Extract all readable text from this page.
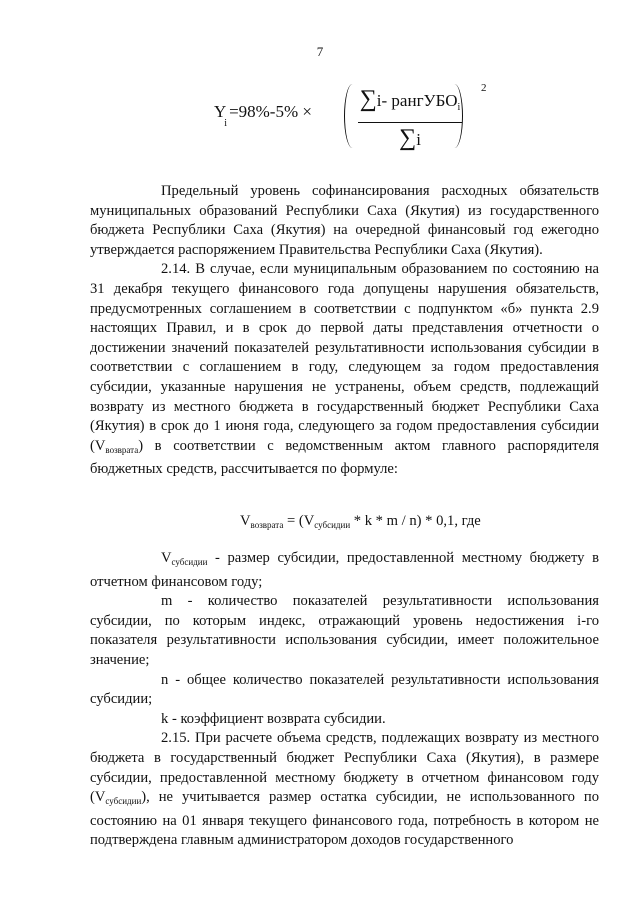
7
$Y_i=98\%-5\% \times \sum i-$ рангУБО$_i$
∑i
2

Предельный уровень софинансирования расходных обязательств муниципальных образований Республики Саха (Якутия) из государственного бюджета Республики Саха (Якутия) на очередной финансовый год ежегодно утверждается распоряжением Правительства Республики Саха (Якутия).

2.14. В случае, если муниципальным образованием по состоянию на 31 декабря текущего финансового года допущены нарушения обязательств, предусмотренных соглашением в соответствии с подпунктом «б» пункта 2.9 настоящих Правил, и в срок до первой даты представления отчетности о достижении значений показателей результативности использования субсидии в соответствии с соглашением в году, следующем за годом предоставления субсидии, указанные нарушения не устранены, объем средств, подлежащий возврату из местного бюджета в государственный бюджет Республики Саха (Якутия) в срок до 1 июня года, следующего за годом предоставления субсидии $(V_{возврата})$ в соответствии с ведомственным актом главного распорядителя бюджетных средств, рассчитывается по формуле:

$V_{возврата} = (V_{субсидии} * k * m / n) * 0,1$, где

$V_{субсидии}$ - размер субсидии, предоставленной местному бюджету в отчетном финансовом году;

m - количество показателей результативности использования субсидии, по которым индекс, отражающий уровень недостижения i-го показателя результативности использования субсидии, имеет положительное значение;

n - общее количество показателей результативности использования субсидии;

k - коэффициент возврата субсидии.

2.15. При расчете объема средств, подлежащих возврату из местного бюджета в государственный бюджет Республики Саха (Якутия), в размере субсидии, предоставленной местному бюджету в отчетном финансовом году $(V_{субсидии})$, не учитывается размер остатка субсидии, не использованного по состоянию на 01 января текущего финансового года, потребность в котором не подтверждена главным администратором доходов государственного
